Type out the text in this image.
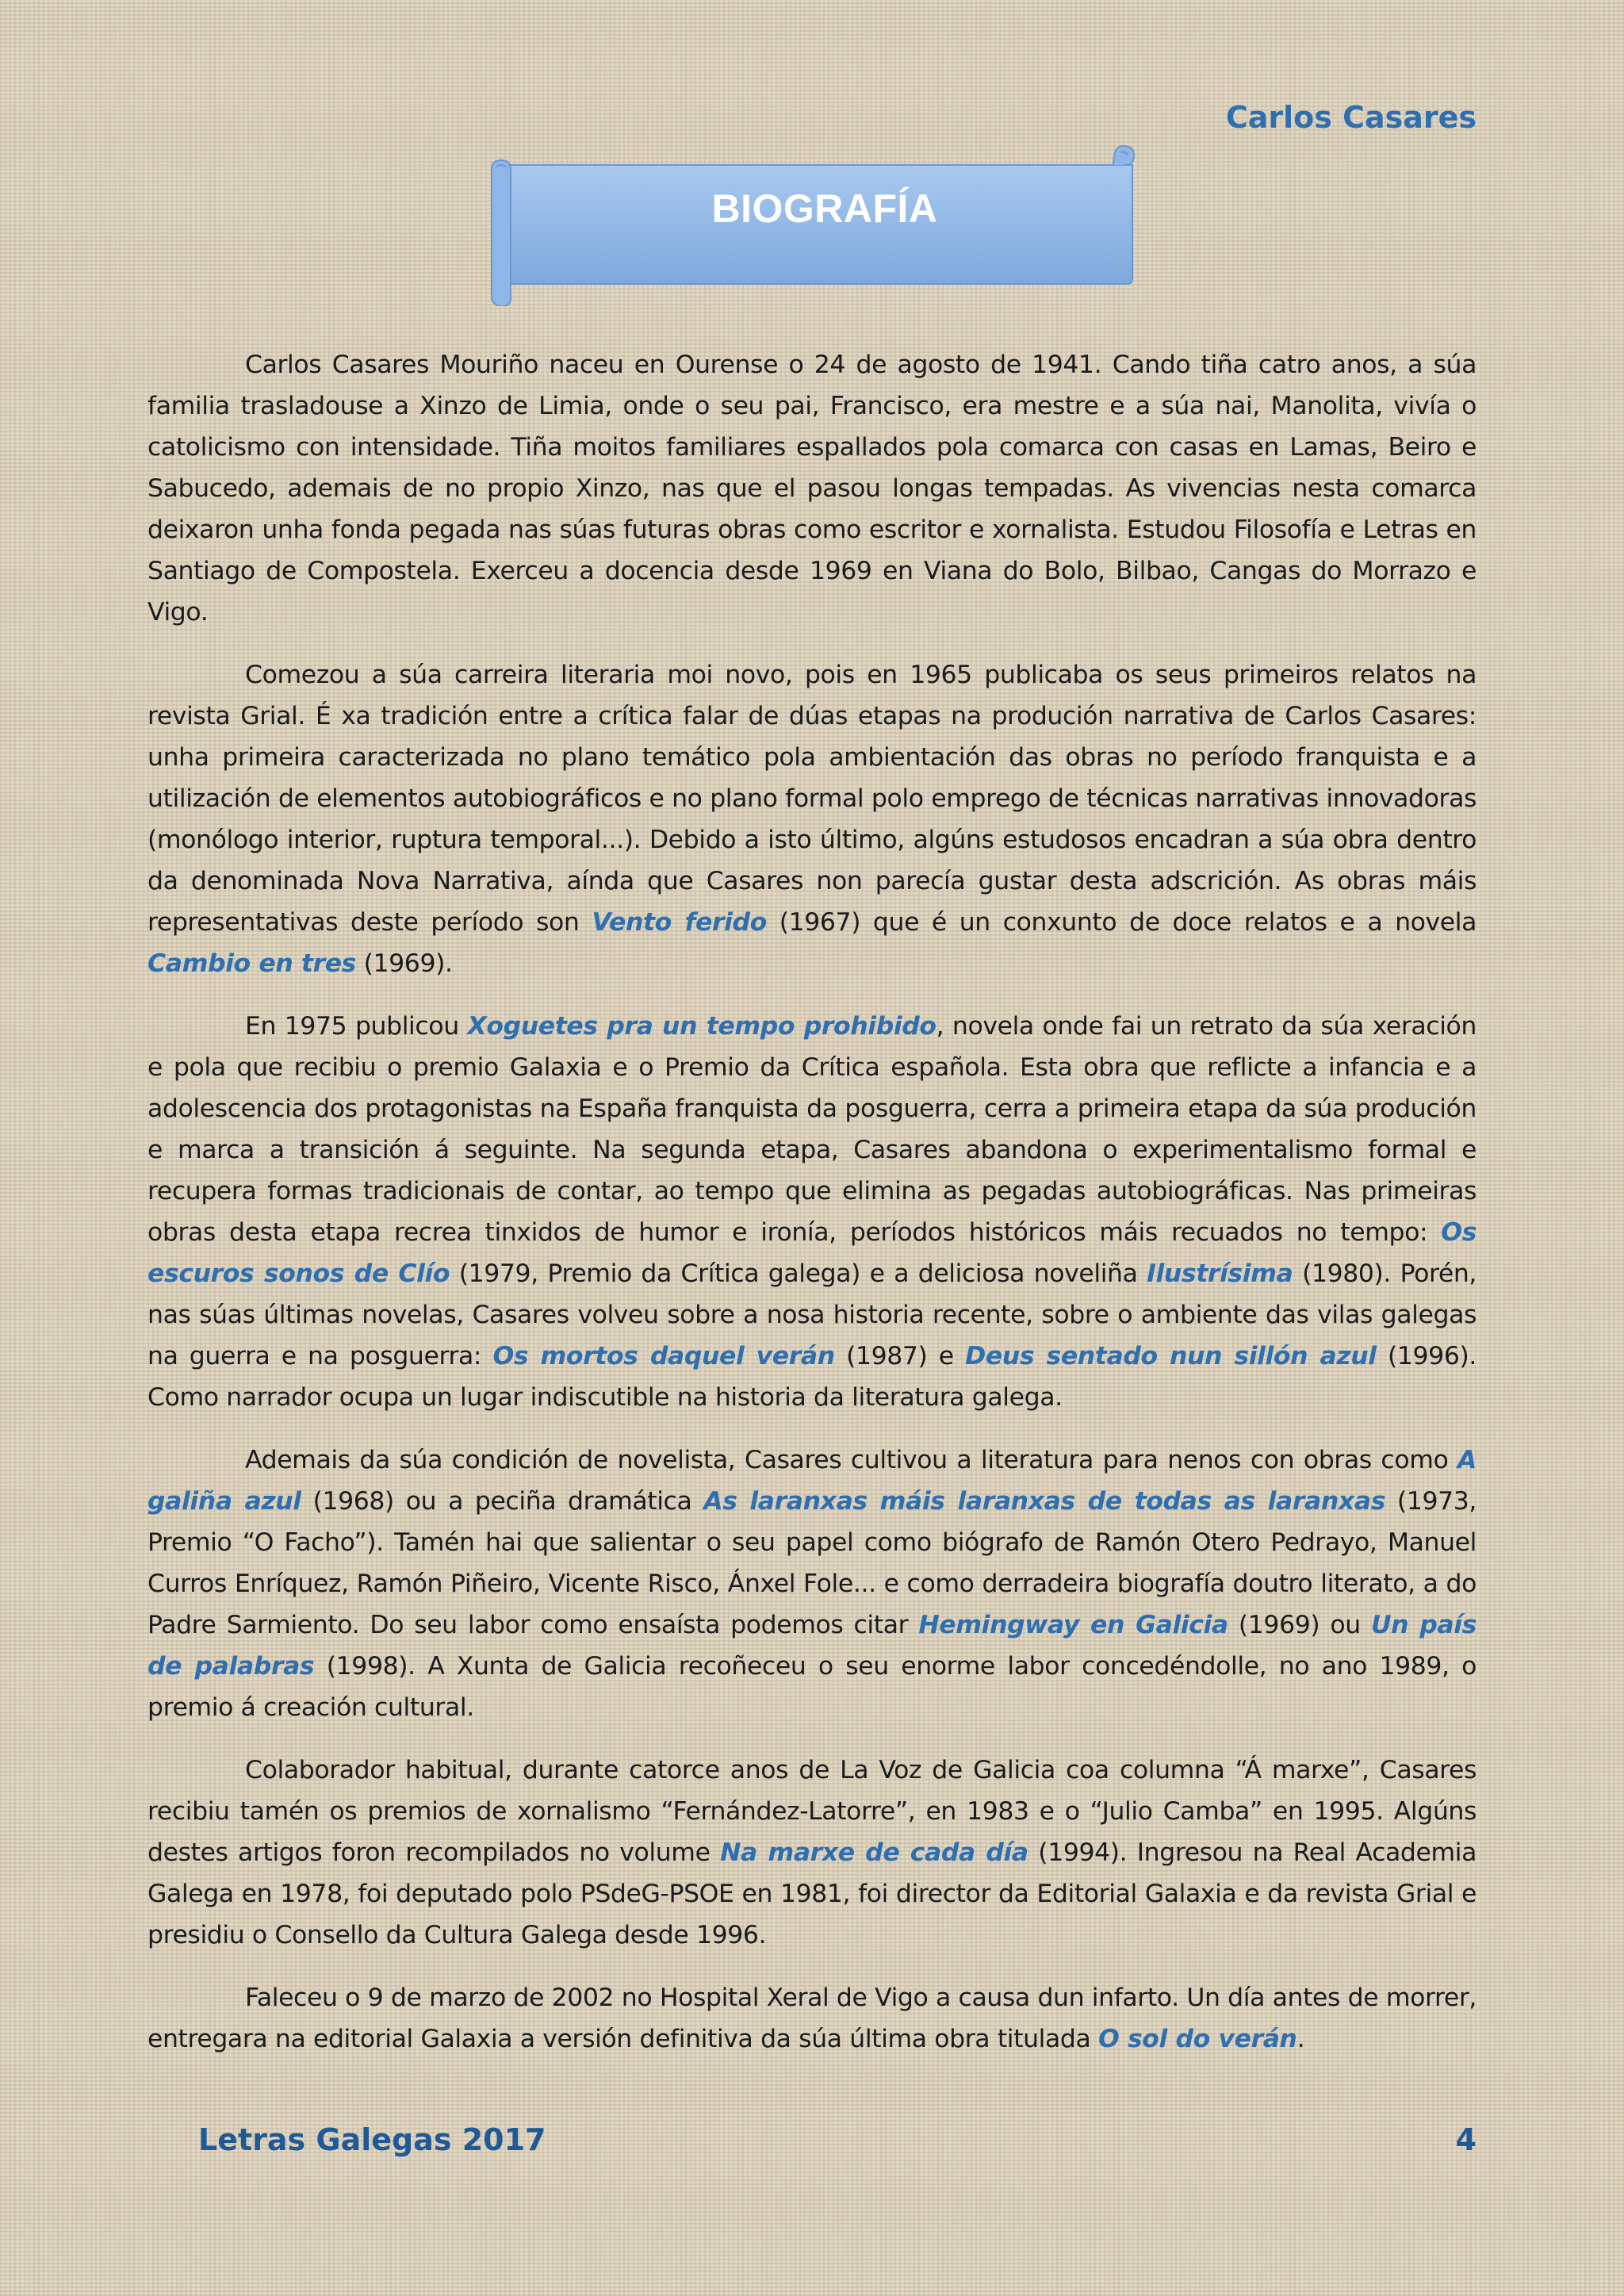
Carlos Casares
BIOGRAFÍA

Carlos Casares Mouriño naceu en Ourense o 24 de agosto de 1941. Cando tiña catro anos, a súa familia trasladouse a Xinzo de Limia, onde o seu pai, Francisco, era mestre e a súa nai, Manolita, vivía o catolicismo con intensidade. Tiña moitos familiares espallados pola comarca con casas en Lamas, Beiro e Sabucedo, ademais de no propio Xinzo, nas que el pasou longas tempadas. As vivencias nesta comarca deixaron unha fonda pegada nas súas futuras obras como escritor e xornalista. Estudou Filosofía e Letras en Santiago de Compostela. Exerceu a docencia desde 1969 en Viana do Bolo, Bilbao, Cangas do Morrazo e Vigo.

Comezou a súa carreira literaria moi novo, pois en 1965 publicaba os seus primeiros relatos na revista Grial. É xa tradición entre a crítica falar de dúas etapas na produción narrativa de Carlos Casares: unha primeira caracterizada no plano temático pola ambientación das obras no período franquista e a utilización de elementos autobiográficos e no plano formal polo emprego de técnicas narrativas innovadoras (monólogo interior, ruptura temporal...). Debido a isto último, algúns estudosos encadran a súa obra dentro da denominada Nova Narrativa, aínda que Casares non parecía gustar desta adscrición. As obras máis representativas deste período son Vento ferido (1967) que é un conxunto de doce relatos e a novela Cambio en tres (1969).

En 1975 publicou Xoguetes pra un tempo prohibido, novela onde fai un retrato da súa xeración e pola que recibiu o premio Galaxia e o Premio da Crítica española. Esta obra que reflicte a infancia e a adolescencia dos protagonistas na España franquista da posguerra, cerra a primeira etapa da súa produción e marca a transición á seguinte. Na segunda etapa, Casares abandona o experimentalismo formal e recupera formas tradicionais de contar, ao tempo que elimina as pegadas autobiográficas. Nas primeiras obras desta etapa recrea tinxidos de humor e ironía, períodos históricos máis recuados no tempo: Os escuros sonos de Clío (1979, Premio da Crítica galega) e a deliciosa noveliña Ilustrísima (1980). Porén, nas súas últimas novelas, Casares volveu sobre a nosa historia recente, sobre o ambiente das vilas galegas na guerra e na posguerra: Os mortos daquel verán (1987) e Deus sentado nun sillón azul (1996). Como narrador ocupa un lugar indiscutible na historia da literatura galega.

Ademais da súa condición de novelista, Casares cultivou a literatura para nenos con obras como A galiña azul (1968) ou a peciña dramática As laranxas máis laranxas de todas as laranxas (1973, Premio “O Facho”). Tamén hai que salientar o seu papel como biógrafo de Ramón Otero Pedrayo, Manuel Curros Enríquez, Ramón Piñeiro, Vicente Risco, Ánxel Fole... e como derradeira biografía doutro literato, a do Padre Sarmiento. Do seu labor como ensaísta podemos citar Hemingway en Galicia (1969) ou Un país de palabras (1998). A Xunta de Galicia recoñeceu o seu enorme labor concedéndolle, no ano 1989, o premio á creación cultural.

Colaborador habitual, durante catorce anos de La Voz de Galicia coa columna “Á marxe”, Casares recibiu tamén os premios de xornalismo “Fernández-Latorre”, en 1983 e o “Julio Camba” en 1995. Algúns destes artigos foron recompilados no volume Na marxe de cada día (1994). Ingresou na Real Academia Galega en 1978, foi deputado polo PSdeG-PSOE en 1981, foi director da Editorial Galaxia e da revista Grial e presidiu o Consello da Cultura Galega desde 1996.

Faleceu o 9 de marzo de 2002 no Hospital Xeral de Vigo a causa dun infarto. Un día antes de morrer, entregara na editorial Galaxia a versión definitiva da súa última obra titulada O sol do verán.

Letras Galegas 2017	4
